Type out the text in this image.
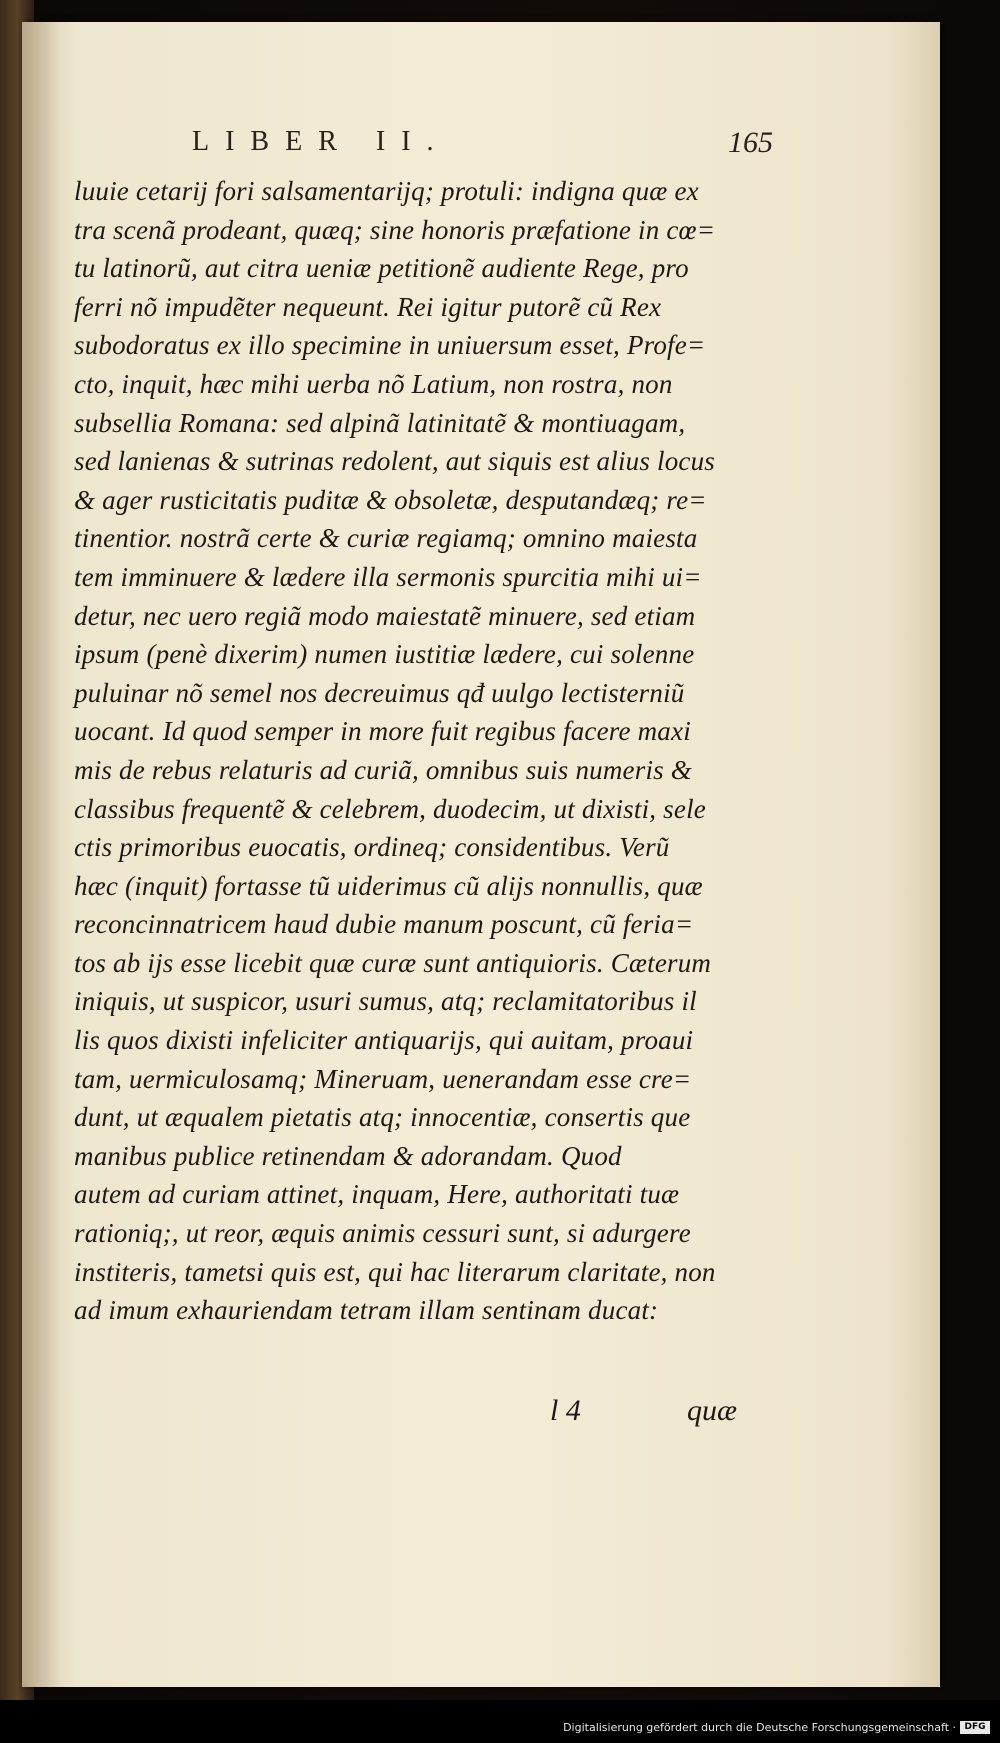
LIBER II.	165
luuie cetarij fori salsamentarijq; protuli: indigna quæ ex
tra scenã prodeant, quæq; sine honoris præfatione in cœ=
tu latinorũ, aut citra ueniæ petitionẽ audiente Rege, pro
ferri nõ impudẽter nequeunt. Rei igitur putorẽ cũ Rex
subodoratus ex illo specimine in uniuersum esset, Profe=
cto, inquit, hæc mihi uerba nõ Latium, non rostra, non
subsellia Romana: sed alpinã latinitatẽ & montiuagam,
sed lanienas & sutrinas redolent, aut siquis est alius locus
& ager rusticitatis puditæ & obsoletæ, desputandæq; re=
tinentior. nostrã certe & curiæ regiamq; omnino maiesta
tem imminuere & lædere illa sermonis spurcitia mihi ui=
detur, nec uero regiã modo maiestatẽ minuere, sed etiam
ipsum (penè dixerim) numen iustitiæ lædere, cui solenne
puluinar nõ semel nos decreuimus qđ uulgo lectisterniũ
uocant. Id quod semper in more fuit regibus facere maxi
mis de rebus relaturis ad curiã, omnibus suis numeris &
classibus frequentẽ & celebrem, duodecim, ut dixisti, sele
ctis primoribus euocatis, ordineq; considentibus. Verũ
hæc (inquit) fortasse tũ uiderimus cũ alijs nonnullis, quæ
reconcinnatricem haud dubie manum poscunt, cũ feria=
tos ab ijs esse licebit quæ curæ sunt antiquioris. Cæterum
iniquis, ut suspicor, usuri sumus, atq; reclamitatoribus il
lis quos dixisti infeliciter antiquarijs, qui auitam, proaui
tam, uermiculosamq; Mineruam, uenerandam esse cre=
dunt, ut æqualem pietatis atq; innocentiæ, consertis que
manibus publice retinendam & adorandam. Quod
autem ad curiam attinet, inquam, Here, authoritati tuæ
rationiq;, ut reor, æquis animis cessuri sunt, si adurgere
institeris, tametsi quis est, qui hac literarum claritate, non
ad imum exhauriendam tetram illam sentinam ducat:
l 4	quæ
Digitalisierung gefördert durch die Deutsche Forschungsgemeinschaft · DFG
